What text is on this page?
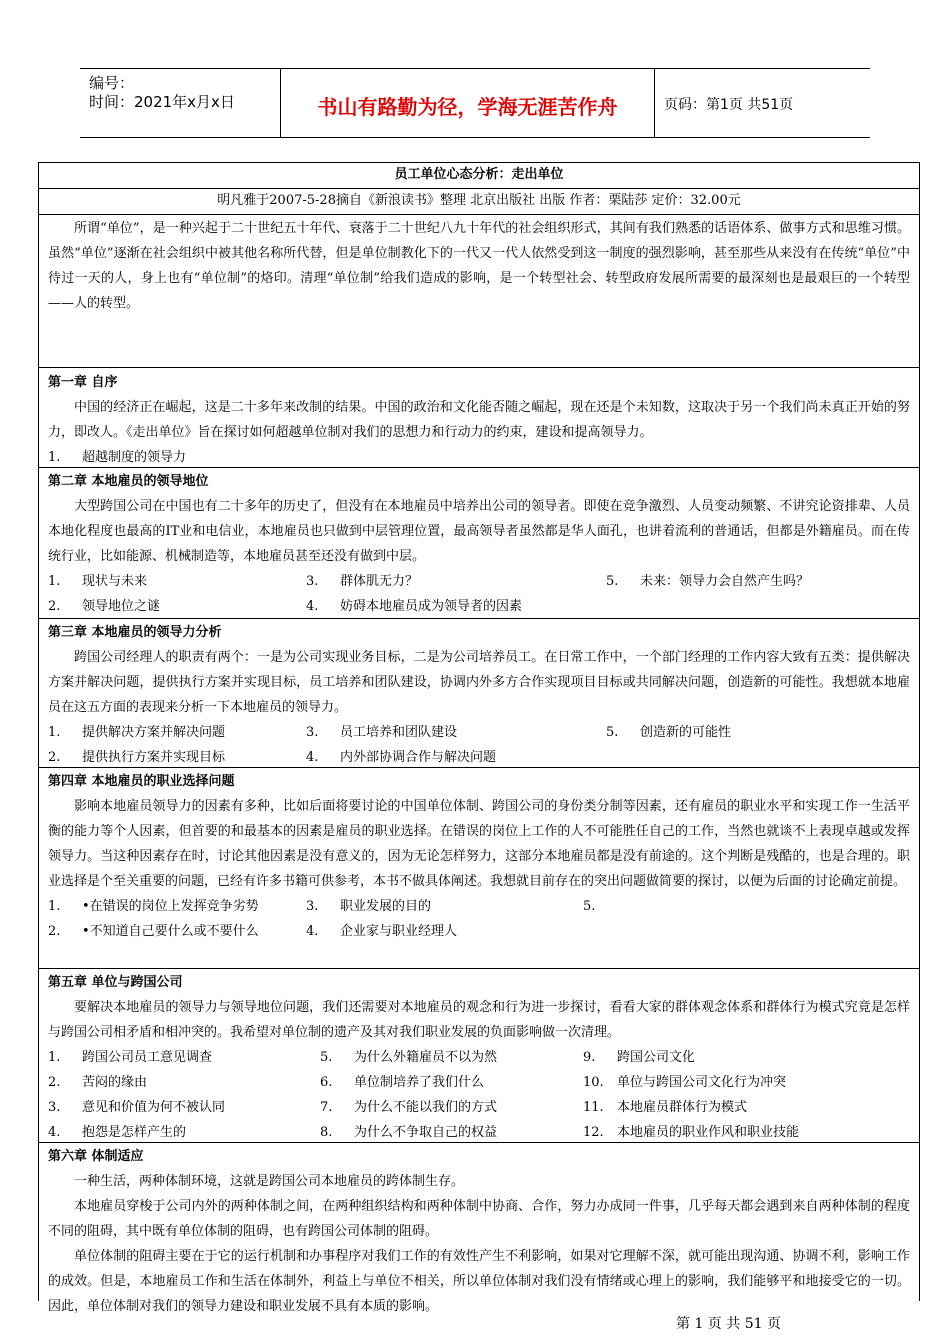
编号：
时间：2021年x月x日	书山有路勤为径，学海无涯苦作舟	页码：第1页 共51页
员工单位心态分析：走出单位
明凡雅于2007-5-28摘自《新浪读书》整理 北京出版社 出版 作者：栗陆莎 定价：32.00元

所谓“单位”，是一种兴起于二十世纪五十年代、衰落于二十世纪八九十年代的社会组织形式，其间有我们熟悉的话语体系、做事方式和思维习惯。虽然“单位”逐渐在社会组织中被其他名称所代替，但是单位制教化下的一代又一代人依然受到这一制度的强烈影响，甚至那些从来没有在传统“单位”中待过一天的人，身上也有“单位制”的烙印。清理“单位制”给我们造成的影响，是一个转型社会、转型政府发展所需要的最深刻也是最艰巨的一个转型——人的转型。

第一章 自序

中国的经济正在崛起，这是二十多年来改制的结果。中国的政治和文化能否随之崛起，现在还是个未知数，这取决于另一个我们尚未真正开始的努力，即改人。《走出单位》旨在探讨如何超越单位制对我们的思想力和行动力的约束，建设和提高领导力。

1. 超越制度的领导力
第二章 本地雇员的领导地位

大型跨国公司在中国也有二十多年的历史了，但没有在本地雇员中培养出公司的领导者。即使在竞争激烈、人员变动频繁、不讲究论资排辈、人员本地化程度也最高的IT业和电信业，本地雇员也只做到中层管理位置，最高领导者虽然都是华人面孔，也讲着流利的普通话，但都是外籍雇员。而在传统行业，比如能源、机械制造等，本地雇员甚至还没有做到中层。

1. 现状与未来	3. 群体肌无力？	5. 未来：领导力会自然产生吗？
2. 领导地位之谜	4. 妨碍本地雇员成为领导者的因素
第三章 本地雇员的领导力分析

跨国公司经理人的职责有两个：一是为公司实现业务目标，二是为公司培养员工。在日常工作中，一个部门经理的工作内容大致有五类：提供解决方案并解决问题，提供执行方案并实现目标，员工培养和团队建设，协调内外多方合作实现项目目标或共同解决问题，创造新的可能性。我想就本地雇员在这五方面的表现来分析一下本地雇员的领导力。

1. 提供解决方案并解决问题	3. 员工培养和团队建设	5. 创造新的可能性
2. 提供执行方案并实现目标	4. 内外部协调合作与解决问题
第四章 本地雇员的职业选择问题

影响本地雇员领导力的因素有多种，比如后面将要讨论的中国单位体制、跨国公司的身份类分制等因素，还有雇员的职业水平和实现工作一生活平衡的能力等个人因素，但首要的和最基本的因素是雇员的职业选择。在错误的岗位上工作的人不可能胜任自己的工作，当然也就谈不上表现卓越或发挥领导力。当这种因素存在时，讨论其他因素是没有意义的，因为无论怎样努力，这部分本地雇员都是没有前途的。这个判断是残酷的，也是合理的。职业选择是个至关重要的问题，已经有许多书籍可供参考，本书不做具体阐述。我想就目前存在的突出问题做简要的探讨，以便为后面的讨论确定前提。

1. •在错误的岗位上发挥竞争劣势	3. 职业发展的目的	5.
2. •不知道自己要什么或不要什么	4. 企业家与职业经理人
第五章 单位与跨国公司

要解决本地雇员的领导力与领导地位问题，我们还需要对本地雇员的观念和行为进一步探讨，看看大家的群体观念体系和群体行为模式究竟是怎样与跨国公司相矛盾和相冲突的。我希望对单位制的遗产及其对我们职业发展的负面影响做一次清理。

1. 跨国公司员工意见调查	5. 为什么外籍雇员不以为然	9. 跨国公司文化
2. 苦闷的缘由	6. 单位制培养了我们什么	10. 单位与跨国公司文化行为冲突
3. 意见和价值为何不被认同	7. 为什么不能以我们的方式	11. 本地雇员群体行为模式
4. 抱怨是怎样产生的	8. 为什么不争取自己的权益	12. 本地雇员的职业作风和职业技能
第六章 体制适应

一种生活，两种体制环境，这就是跨国公司本地雇员的跨体制生存。

本地雇员穿梭于公司内外的两种体制之间，在两种组织结构和两种体制中协商、合作，努力办成同一件事，几乎每天都会遇到来自两种体制的程度不同的阻碍，其中既有单位体制的阻碍，也有跨国公司体制的阻碍。

单位体制的阻碍主要在于它的运行机制和办事程序对我们工作的有效性产生不利影响，如果对它理解不深，就可能出现沟通、协调不利，影响工作的成效。但是，本地雇员工作和生活在体制外，利益上与单位不相关，所以单位体制对我们没有情绪或心理上的影响，我们能够平和地接受它的一切。因此，单位体制对我们的领导力建设和职业发展不具有本质的影响。

第 1 页 共 51 页
